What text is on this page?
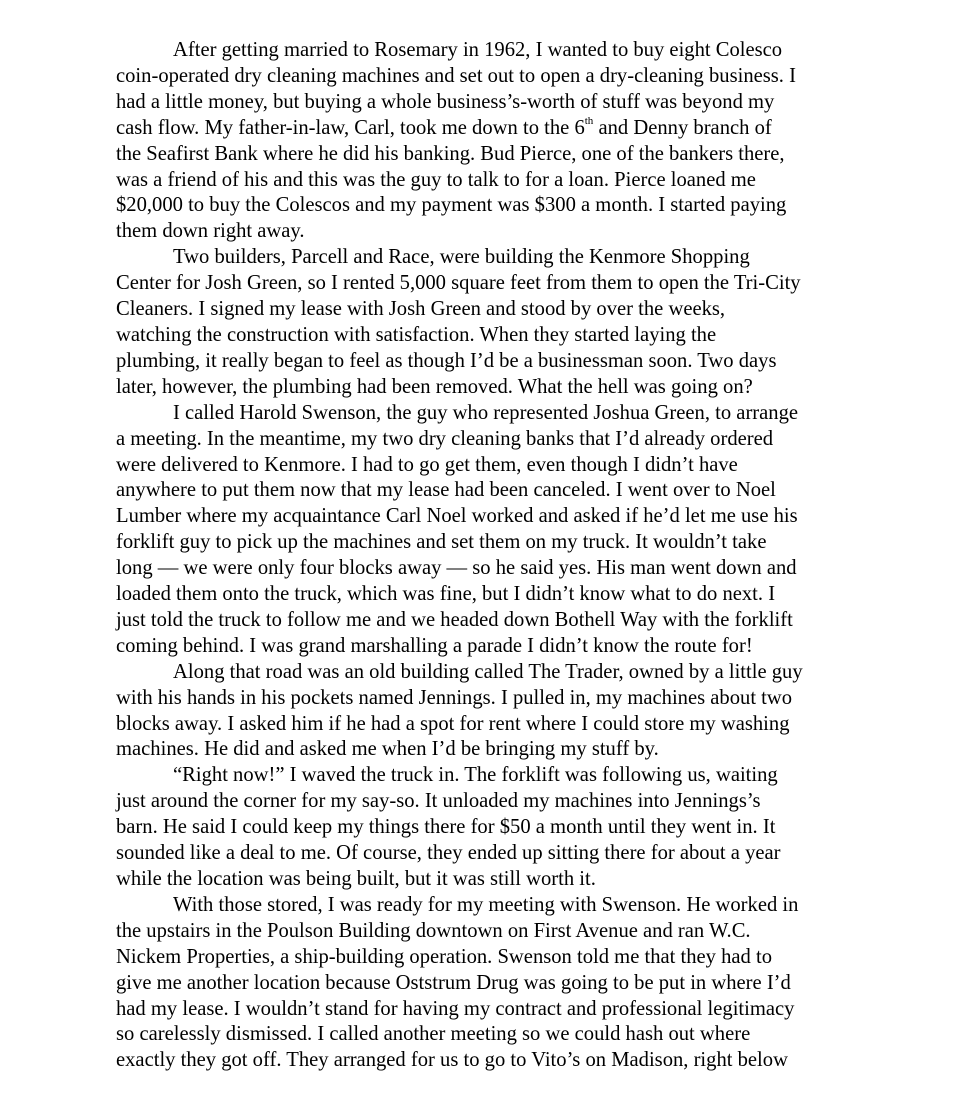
After getting married to Rosemary in 1962, I wanted to buy eight Colesco
coin-operated dry cleaning machines and set out to open a dry-cleaning business. I
had a little money, but buying a whole business’s-worth of stuff was beyond my
cash flow. My father-in-law, Carl, took me down to the 6th and Denny branch of
the Seafirst Bank where he did his banking. Bud Pierce, one of the bankers there,
was a friend of his and this was the guy to talk to for a loan. Pierce loaned me
$20,000 to buy the Colescos and my payment was $300 a month. I started paying
them down right away.
Two builders, Parcell and Race, were building the Kenmore Shopping
Center for Josh Green, so I rented 5,000 square feet from them to open the Tri-City
Cleaners. I signed my lease with Josh Green and stood by over the weeks,
watching the construction with satisfaction. When they started laying the
plumbing, it really began to feel as though I’d be a businessman soon. Two days
later, however, the plumbing had been removed. What the hell was going on?
I called Harold Swenson, the guy who represented Joshua Green, to arrange
a meeting. In the meantime, my two dry cleaning banks that I’d already ordered
were delivered to Kenmore. I had to go get them, even though I didn’t have
anywhere to put them now that my lease had been canceled. I went over to Noel
Lumber where my acquaintance Carl Noel worked and asked if he’d let me use his
forklift guy to pick up the machines and set them on my truck. It wouldn’t take
long — we were only four blocks away — so he said yes. His man went down and
loaded them onto the truck, which was fine, but I didn’t know what to do next. I
just told the truck to follow me and we headed down Bothell Way with the forklift
coming behind. I was grand marshalling a parade I didn’t know the route for!
Along that road was an old building called The Trader, owned by a little guy
with his hands in his pockets named Jennings. I pulled in, my machines about two
blocks away. I asked him if he had a spot for rent where I could store my washing
machines. He did and asked me when I’d be bringing my stuff by.
“Right now!” I waved the truck in. The forklift was following us, waiting
just around the corner for my say-so. It unloaded my machines into Jennings’s
barn. He said I could keep my things there for $50 a month until they went in. It
sounded like a deal to me. Of course, they ended up sitting there for about a year
while the location was being built, but it was still worth it.
With those stored, I was ready for my meeting with Swenson. He worked in
the upstairs in the Poulson Building downtown on First Avenue and ran W.C.
Nickem Properties, a ship-building operation. Swenson told me that they had to
give me another location because Oststrum Drug was going to be put in where I’d
had my lease. I wouldn’t stand for having my contract and professional legitimacy
so carelessly dismissed. I called another meeting so we could hash out where
exactly they got off. They arranged for us to go to Vito’s on Madison, right below
